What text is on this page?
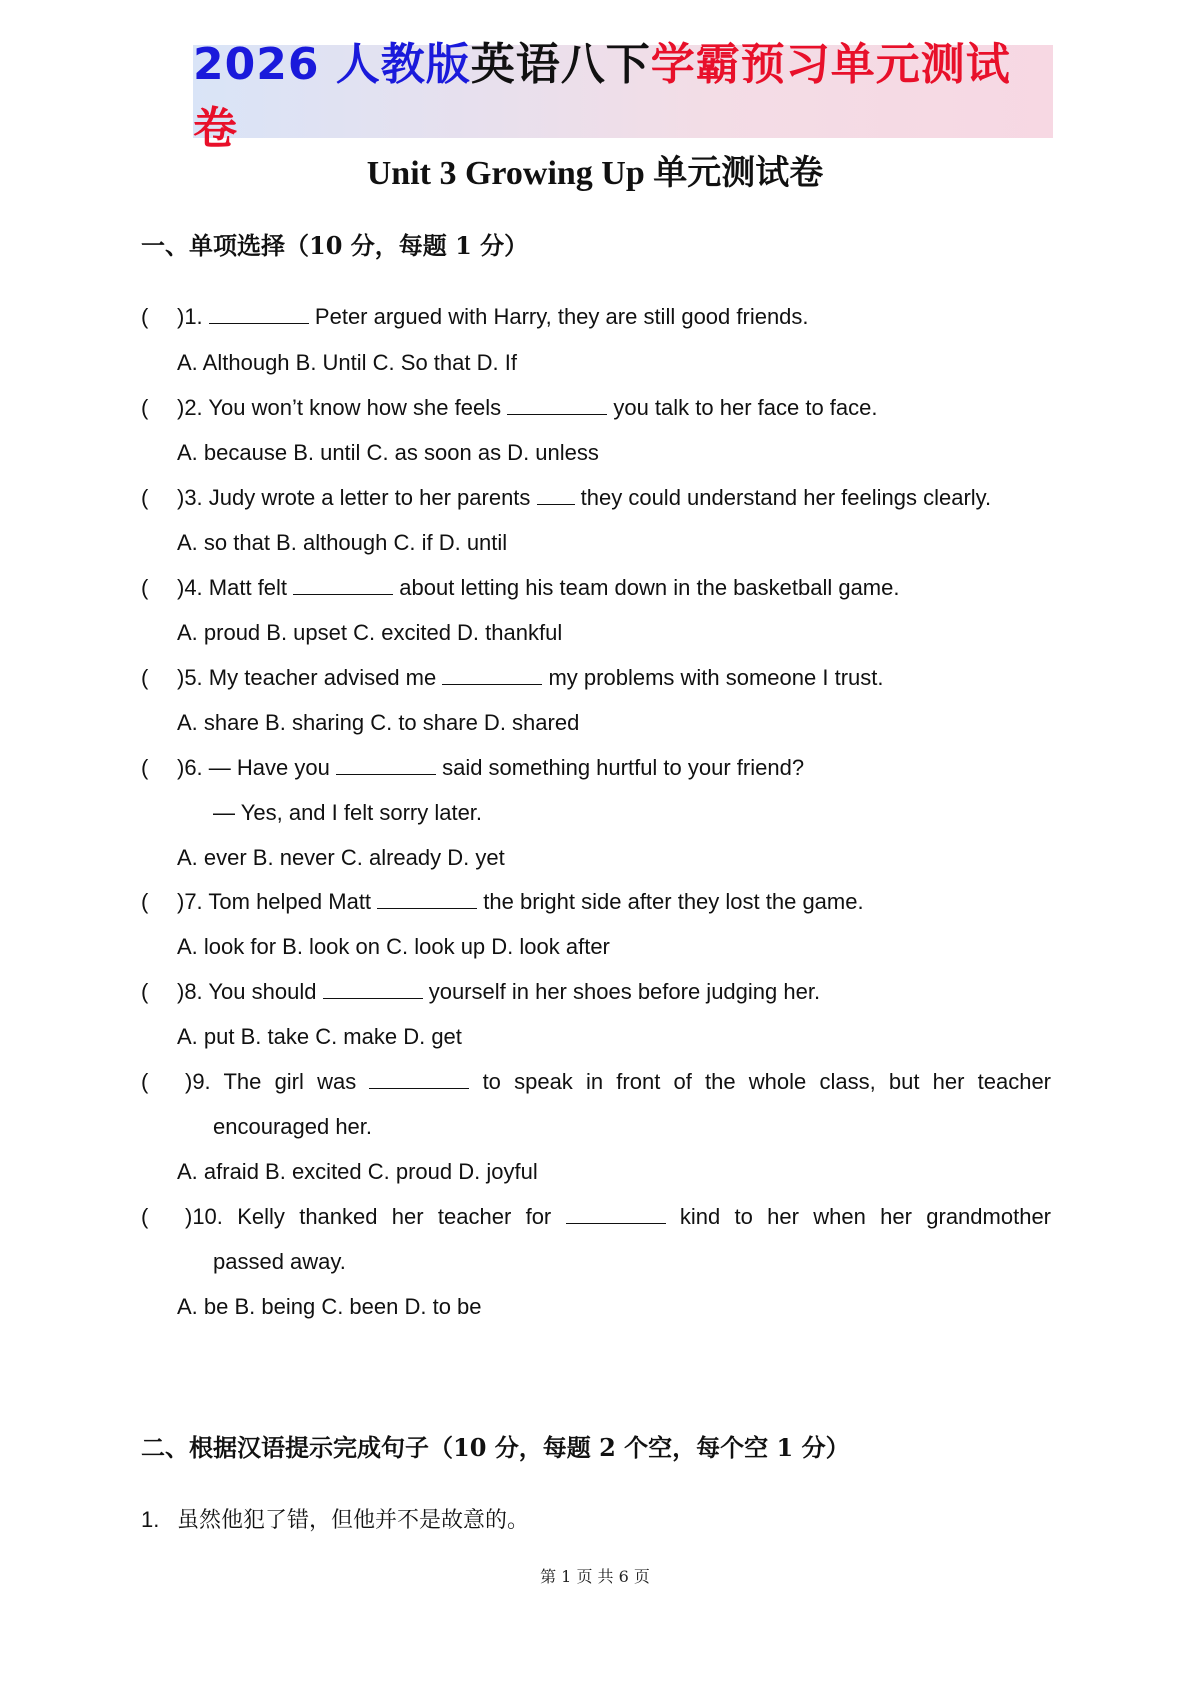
2026 人教版英语八下学霸预习单元测试卷
Unit 3 Growing Up 单元测试卷
一、单项选择（10 分，每题 1 分）
( )1.	Peter argued with Harry, they are still good friends.
A. Although B. Until C. So that D. If
( )2. You won’t know how she feels	you talk to her face to face.
A. because B. until C. as soon as D. unless
( )3. Judy wrote a letter to her parents  they could understand her feelings clearly.
A. so that B. although C. if D. until
( )4. Matt felt	about letting his team down in the basketball game.
A. proud B. upset C. excited D. thankful
( )5. My teacher advised me	my problems with someone I trust.
A. share B. sharing C. to share D. shared
( )6. — Have you	said something hurtful to your friend?
— Yes, and I felt sorry later.
A. ever B. never C. already D. yet
( )7. Tom helped Matt	the bright side after they lost the game.
A. look for B. look on C. look up D. look after
( )8. You should	yourself in her shoes before judging her.
A. put B. take C. make D. get
( )9. The girl was	to speak in front of the whole class, but her teacher
encouraged her.
A. afraid B. excited C. proud D. joyful
( )10. Kelly thanked her teacher for	kind to her when her grandmother
passed away.
A. be B. being C. been D. to be
二、根据汉语提示完成句子（10 分，每题 2 个空，每个空 1 分）
1. 虽然他犯了错，但他并不是故意的。
第 1 页 共 6 页
